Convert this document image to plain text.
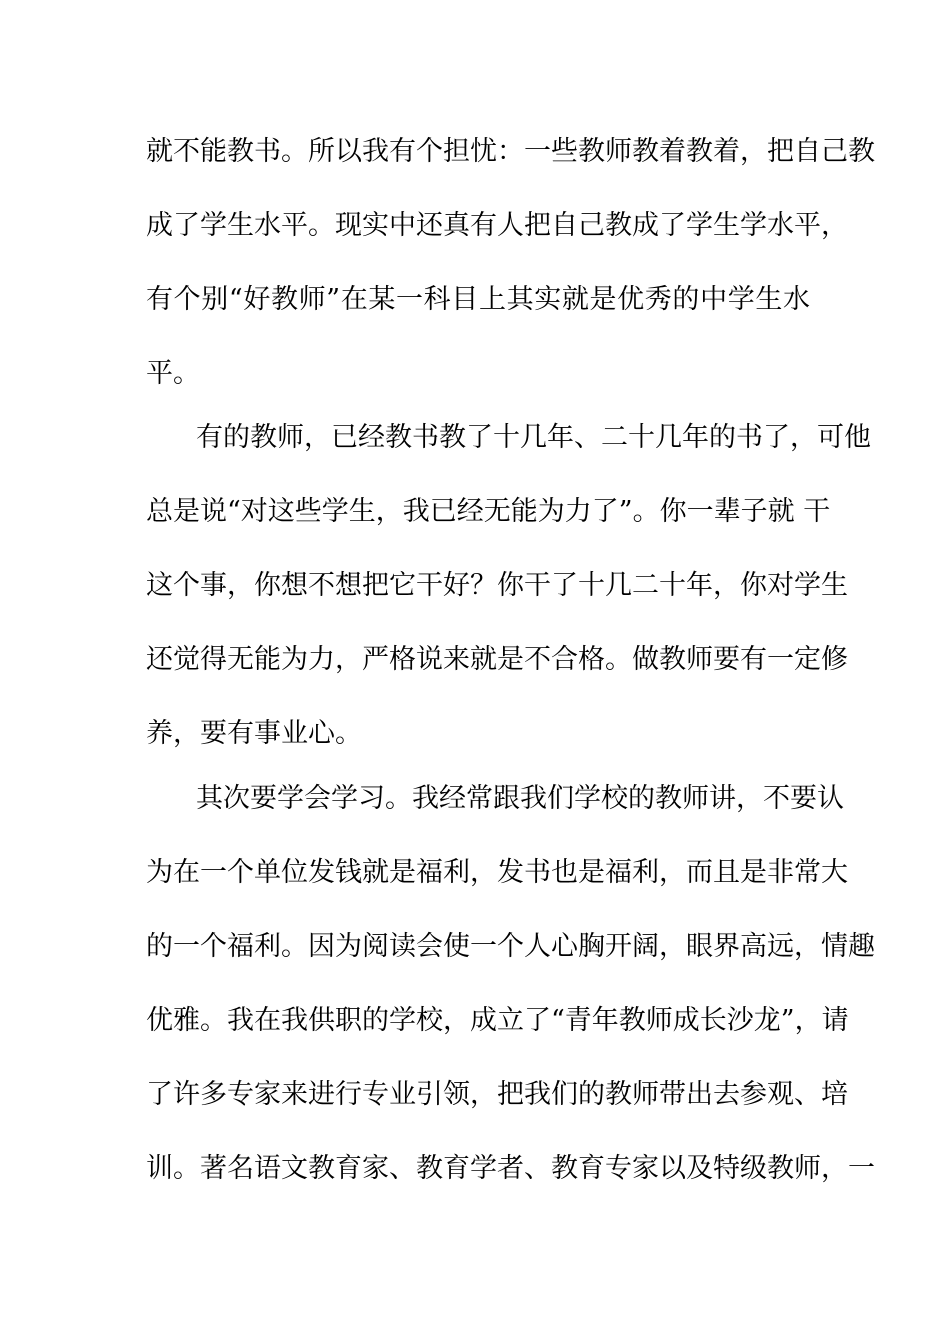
就不能教书。所以我有个担忧：一些教师教着教着，把自己教
成了学生水平。现实中还真有人把自己教成了学生学水平，
有个别“好教师”在某一科目上其实就是优秀的中学生水
平。
有的教师，已经教书教了十几年、二十几年的书了，可他
总是说“对这些学生，我已经无能为力了”。你一辈子就 干
这个事，你想不想把它干好？你干了十几二十年，你对学生
还觉得无能为力，严格说来就是不合格。做教师要有一定修
养，要有事业心。
其次要学会学习。我经常跟我们学校的教师讲，不要认
为在一个单位发钱就是福利，发书也是福利，而且是非常大
的一个福利。因为阅读会使一个人心胸开阔，眼界高远，情趣
优雅。我在我供职的学校，成立了“青年教师成长沙龙”，请
了许多专家来进行专业引领，把我们的教师带出去参观、培
训。著名语文教育家、教育学者、教育专家以及特级教师，一
